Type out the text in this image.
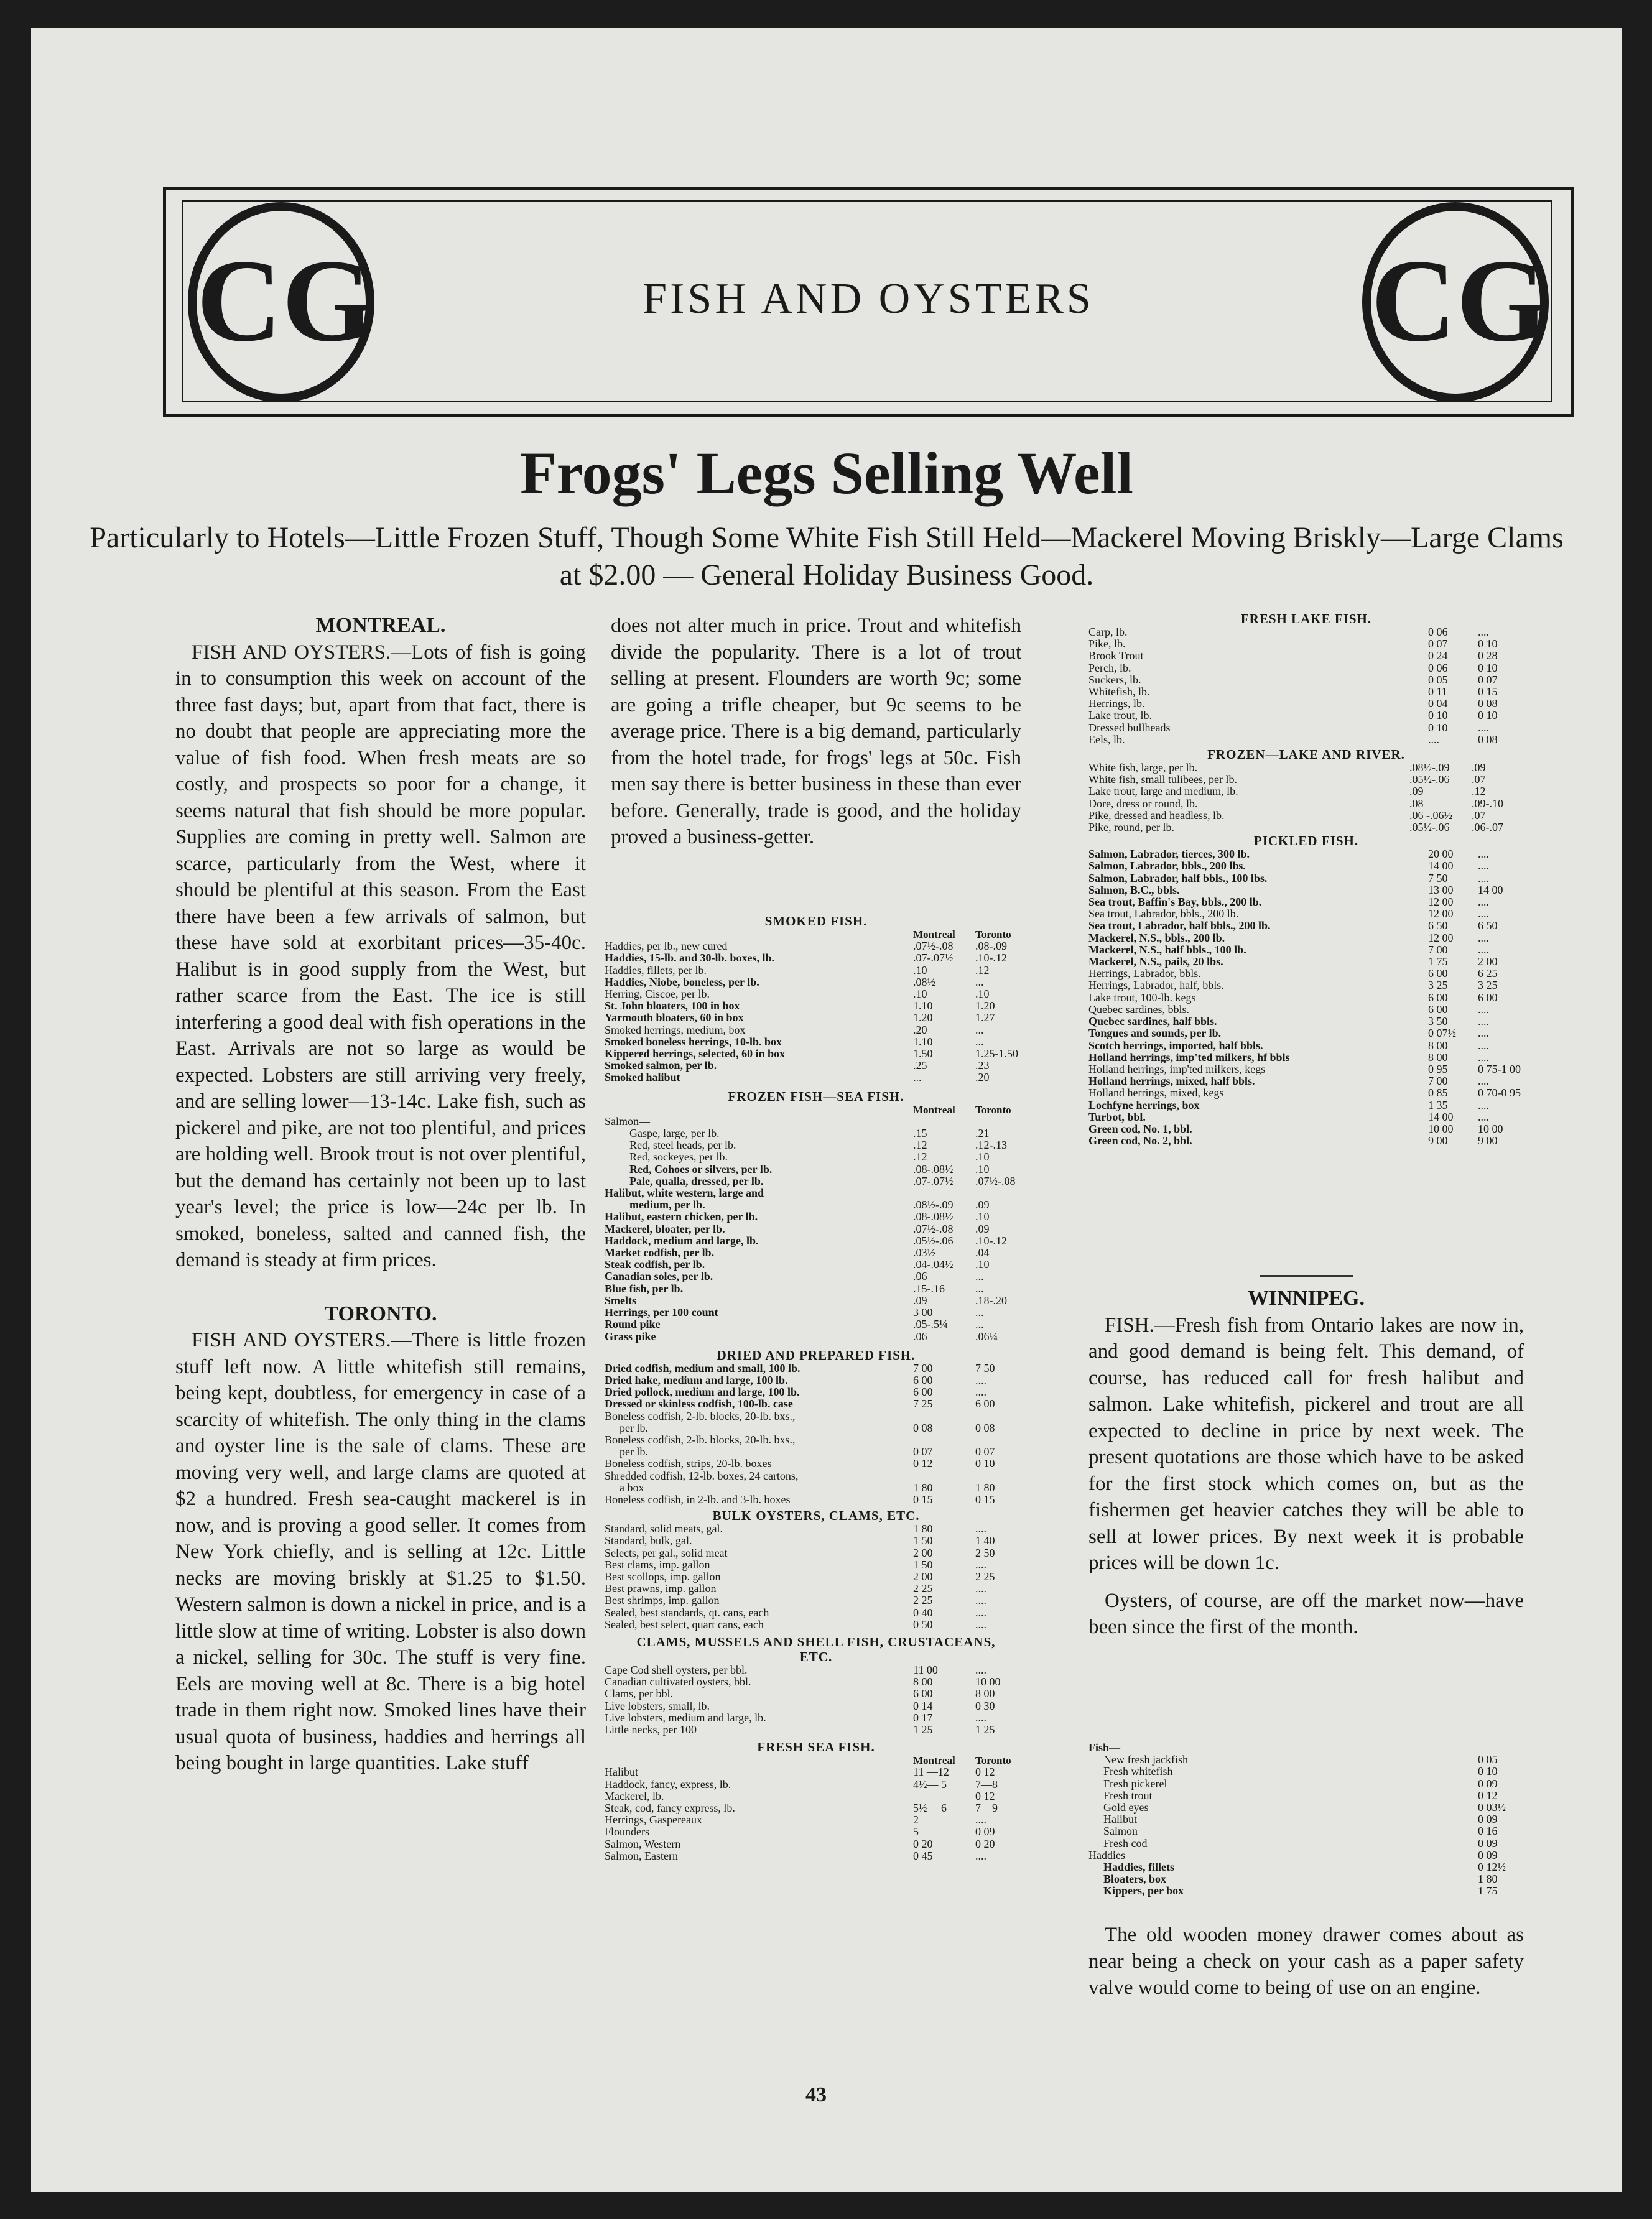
CG	CG
FISH AND OYSTERS
Frogs' Legs Selling Well
Particularly to Hotels—Little Frozen Stuff, Though Some White Fish Still Held—Mackerel Moving Briskly—Large Clams at $2.00 — General Holiday Business Good.
MONTREAL.

FISH AND OYSTERS.—Lots of fish is going in to consumption this week on account of the three fast days; but, apart from that fact, there is no doubt that people are appreciating more the value of fish food. When fresh meats are so costly, and prospects so poor for a change, it seems natural that fish should be more popular. Supplies are coming in pretty well. Salmon are scarce, particularly from the West, where it should be plentiful at this season. From the East there have been a few arrivals of salmon, but these have sold at exorbitant prices—35-40c. Halibut is in good supply from the West, but rather scarce from the East. The ice is still interfering a good deal with fish operations in the East. Arrivals are not so large as would be expected. Lobsters are still arriving very freely, and are selling lower—13-14c. Lake fish, such as pickerel and pike, are not too plentiful, and prices are holding well. Brook trout is not over plentiful, but the demand has certainly not been up to last year's level; the price is low—24c per lb. In smoked, boneless, salted and canned fish, the demand is steady at firm prices.

TORONTO.

FISH AND OYSTERS.—There is little frozen stuff left now. A little whitefish still remains, being kept, doubtless, for emergency in case of a scarcity of whitefish. The only thing in the clams and oyster line is the sale of clams. These are moving very well, and large clams are quoted at $2 a hundred. Fresh sea-caught mackerel is in now, and is proving a good seller. It comes from New York chiefly, and is selling at 12c. Little necks are moving briskly at $1.25 to $1.50. Western salmon is down a nickel in price, and is a little slow at time of writing. Lobster is also down a nickel, selling for 30c. The stuff is very fine. Eels are moving well at 8c. There is a big hotel trade in them right now. Smoked lines have their usual quota of business, haddies and herrings all being bought in large quantities. Lake stuff

does not alter much in price. Trout and whitefish divide the popularity. There is a lot of trout selling at present. Flounders are worth 9c; some are going a trifle cheaper, but 9c seems to be average price. There is a big demand, particularly from the hotel trade, for frogs' legs at 50c. Fish men say there is better business in these than ever before. Generally, trade is good, and the holiday proved a business-getter.

SMOKED FISH.
	Montreal	Toronto
Haddies, per lb., new cured	.07½-.08	.08-.09
Haddies, 15-lb. and 30-lb. boxes, lb.	.07-.07½	.10-.12
Haddies, fillets, per lb.	.10	.12
Haddies, Niobe, boneless, per lb.	.08½	...
Herring, Ciscoe, per lb.	.10	.10
St. John bloaters, 100 in box	1.10	1.20
Yarmouth bloaters, 60 in box	1.20	1.27
Smoked herrings, medium, box	.20	...
Smoked boneless herrings, 10-lb. box	1.10	...
Kippered herrings, selected, 60 in box	1.50	1.25-1.50
Smoked salmon, per lb.	.25	.23
Smoked halibut	...	.20
FROZEN FISH—SEA FISH.
	Montreal	Toronto
Salmon—		
Gaspe, large, per lb.	.15	.21
Red, steel heads, per lb.	.12	.12-.13
Red, sockeyes, per lb.	.12	.10
Red, Cohoes or silvers, per lb.	.08-.08½	.10
Pale, qualla, dressed, per lb.	.07-.07½	.07½-.08
Halibut, white western, large and		
medium, per lb.	.08½-.09	.09
Halibut, eastern chicken, per lb.	.08-.08½	.10
Mackerel, bloater, per lb.	.07½-.08	.09
Haddock, medium and large, lb.	.05½-.06	.10-.12
Market codfish, per lb.	.03½	.04
Steak codfish, per lb.	.04-.04½	.10
Canadian soles, per lb.	.06	...
Blue fish, per lb.	.15-.16	...
Smelts	.09	.18-.20
Herrings, per 100 count	3 00	...
Round pike	.05-.5¼	...
Grass pike	.06	.06¼
DRIED AND PREPARED FISH.
Dried codfish, medium and small, 100 lb.	7 00	7 50
Dried hake, medium and large, 100 lb.	6 00	....
Dried pollock, medium and large, 100 lb.	6 00	....
Dressed or skinless codfish, 100-lb. case	7 25	6 00
Boneless codfish, 2-lb. blocks, 20-lb. bxs.,		
per lb.	0 08	0 08
Boneless codfish, 2-lb. blocks, 20-lb. bxs.,		
per lb.	0 07	0 07
Boneless codfish, strips, 20-lb. boxes	0 12	0 10
Shredded codfish, 12-lb. boxes, 24 cartons,		
a box	1 80	1 80
Boneless codfish, in 2-lb. and 3-lb. boxes	0 15	0 15
BULK OYSTERS, CLAMS, ETC.
Standard, solid meats, gal.	1 80	....
Standard, bulk, gal.	1 50	1 40
Selects, per gal., solid meat	2 00	2 50
Best clams, imp. gallon	1 50	....
Best scollops, imp. gallon	2 00	2 25
Best prawns, imp. gallon	2 25	....
Best shrimps, imp. gallon	2 25	....
Sealed, best standards, qt. cans, each	0 40	....
Sealed, best select, quart cans, each	0 50	....
CLAMS, MUSSELS AND SHELL FISH, CRUSTACEANS, ETC.
Cape Cod shell oysters, per bbl.	11 00	....
Canadian cultivated oysters, bbl.	8 00	10 00
Clams, per bbl.	6 00	8 00
Live lobsters, small, lb.	0 14	0 30
Live lobsters, medium and large, lb.	0 17	....
Little necks, per 100	1 25	1 25
FRESH SEA FISH.
	Montreal	Toronto
Halibut	11 —12	0 12
Haddock, fancy, express, lb.	4½— 5	7—8
Mackerel, lb.		0 12
Steak, cod, fancy express, lb.	5½— 6	7—9
Herrings, Gaspereaux	2	....
Flounders	5	0 09
Salmon, Western	0 20	0 20
Salmon, Eastern	0 45	....
FRESH LAKE FISH.
Carp, lb.	0 06	....
Pike, lb.	0 07	0 10
Brook Trout	0 24	0 28
Perch, lb.	0 06	0 10
Suckers, lb.	0 05	0 07
Whitefish, lb.	0 11	0 15
Herrings, lb.	0 04	0 08
Lake trout, lb.	0 10	0 10
Dressed bullheads	0 10	....
Eels, lb.	....	0 08
FROZEN—LAKE AND RIVER.
White fish, large, per lb.	.08½-.09	.09
White fish, small tulibees, per lb.	.05½-.06	.07
Lake trout, large and medium, lb.	.09	.12
Dore, dress or round, lb.	.08	.09-.10
Pike, dressed and headless, lb.	.06 -.06½	.07
Pike, round, per lb.	.05½-.06	.06-.07
PICKLED FISH.
Salmon, Labrador, tierces, 300 lb.	20 00	....
Salmon, Labrador, bbls., 200 lbs.	14 00	....
Salmon, Labrador, half bbls., 100 lbs.	7 50	....
Salmon, B.C., bbls.	13 00	14 00
Sea trout, Baffin's Bay, bbls., 200 lb.	12 00	....
Sea trout, Labrador, bbls., 200 lb.	12 00	....
Sea trout, Labrador, half bbls., 200 lb.	6 50	6 50
Mackerel, N.S., bbls., 200 lb.	12 00	....
Mackerel, N.S., half bbls., 100 lb.	7 00	....
Mackerel, N.S., pails, 20 lbs.	1 75	2 00
Herrings, Labrador, bbls.	6 00	6 25
Herrings, Labrador, half, bbls.	3 25	3 25
Lake trout, 100-lb. kegs	6 00	6 00
Quebec sardines, bbls.	6 00	....
Quebec sardines, half bbls.	3 50	....
Tongues and sounds, per lb.	0 07½	....
Scotch herrings, imported, half bbls.	8 00	....
Holland herrings, imp'ted milkers, hf bbls	8 00	....
Holland herrings, imp'ted milkers, kegs	0 95	0 75-1 00
Holland herrings, mixed, half bbls.	7 00	....
Holland herrings, mixed, kegs	0 85	0 70-0 95
Lochfyne herrings, box	1 35	....
Turbot, bbl.	14 00	....
Green cod, No. 1, bbl.	10 00	10 00
Green cod, No. 2, bbl.	9 00	9 00
WINNIPEG.

FISH.—Fresh fish from Ontario lakes are now in, and good demand is being felt. This demand, of course, has reduced call for fresh halibut and salmon. Lake whitefish, pickerel and trout are all expected to decline in price by next week. The present quotations are those which have to be asked for the first stock which comes on, but as the fishermen get heavier catches they will be able to sell at lower prices. By next week it is probable prices will be down 1c.

Oysters, of course, are off the market now—have been since the first of the month.

Fish—
New fresh jackfish	0 05
Fresh whitefish	0 10
Fresh pickerel	0 09
Fresh trout	0 12
Gold eyes	0 03½
Halibut	0 09
Salmon	0 16
Fresh cod	0 09
Haddies	0 09
Haddies, fillets	0 12½
Bloaters, box	1 80
Kippers, per box	1 75

The old wooden money drawer comes about as near being a check on your cash as a paper safety valve would come to being of use on an engine.

43
